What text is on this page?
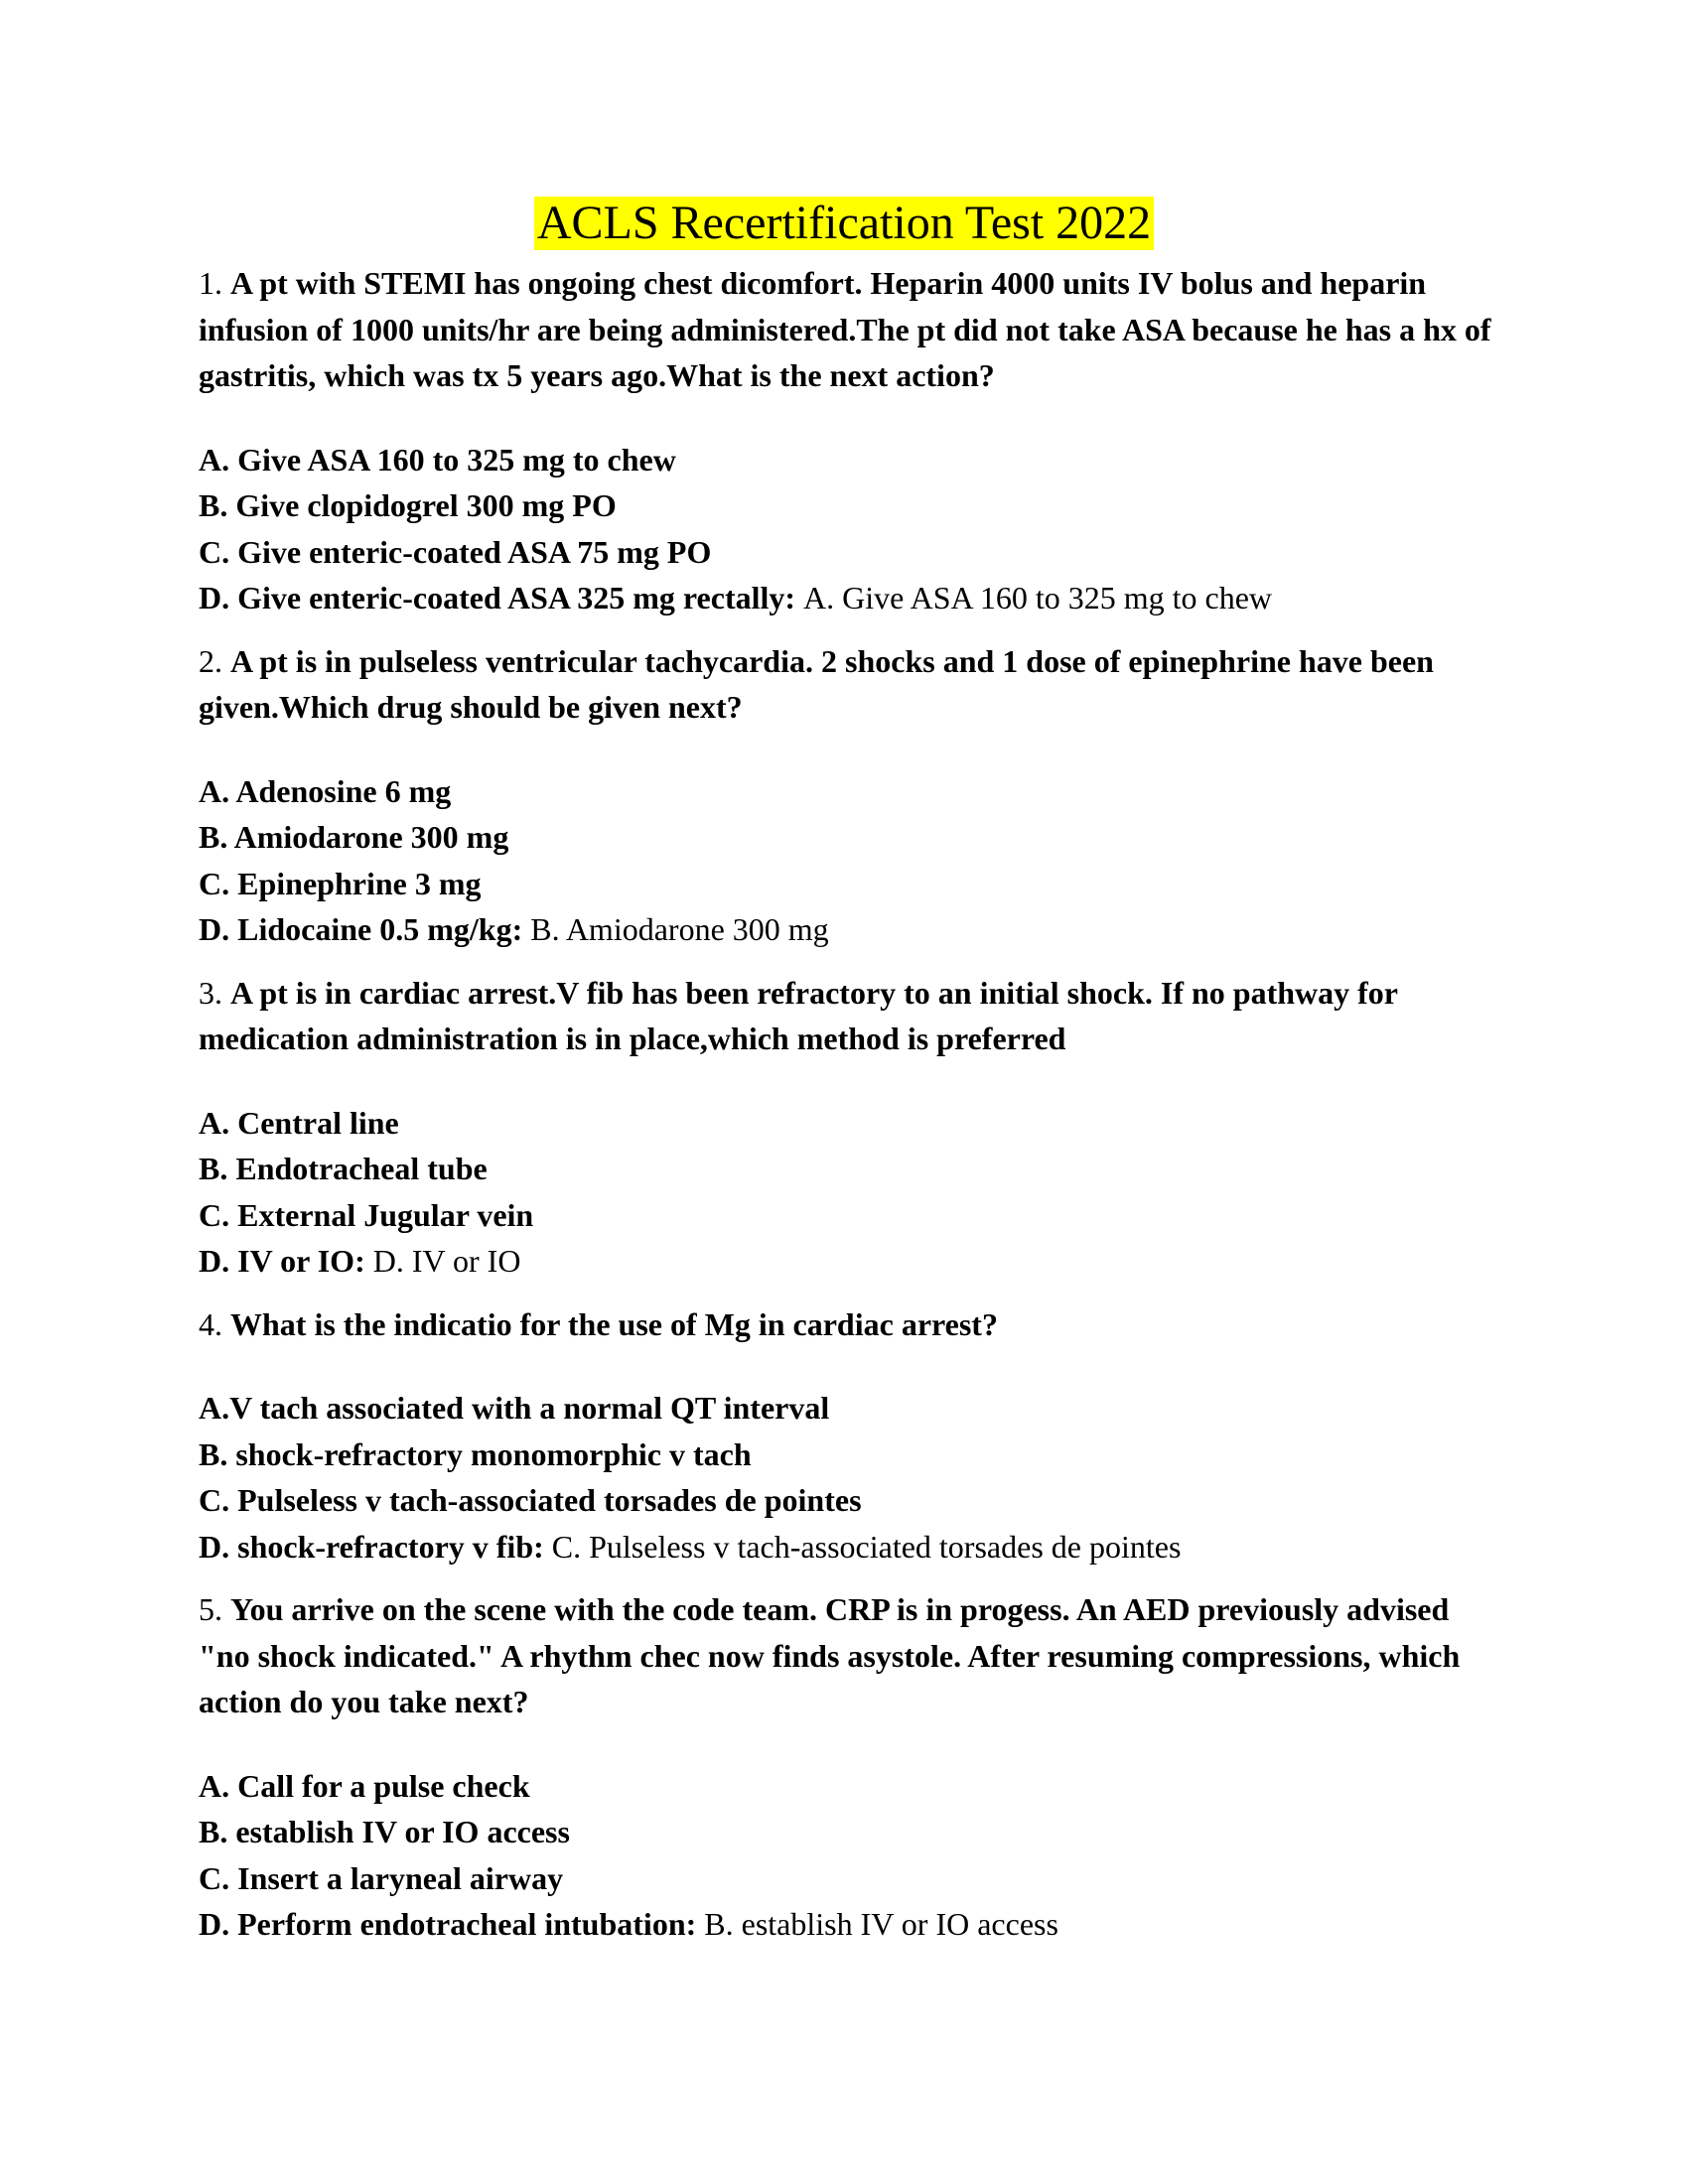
ACLS Recertification Test 2022

1. A pt with STEMI has ongoing chest dicomfort. Heparin 4000 units IV bolus and heparin infusion of 1000 units/hr are being administered.The pt did not take ASA because he has a hx of gastritis, which was tx 5 years ago.What is the next action?

A. Give ASA 160 to 325 mg to chew
B. Give clopidogrel 300 mg PO
C. Give enteric-coated ASA 75 mg PO
D. Give enteric-coated ASA 325 mg rectally: A. Give ASA 160 to 325 mg to chew

2. A pt is in pulseless ventricular tachycardia. 2 shocks and 1 dose of epinephrine have been given.Which drug should be given next?

A. Adenosine 6 mg
B. Amiodarone 300 mg
C. Epinephrine 3 mg
D. Lidocaine 0.5 mg/kg: B. Amiodarone 300 mg

3. A pt is in cardiac arrest.V fib has been refractory to an initial shock. If no pathway for medication administration is in place,which method is preferred

A. Central line
B. Endotracheal tube
C. External Jugular vein
D. IV or IO: D. IV or IO

4. What is the indicatio for the use of Mg in cardiac arrest?

A.V tach associated with a normal QT interval
B. shock-refractory monomorphic v tach
C. Pulseless v tach-associated torsades de pointes
D. shock-refractory v fib: C. Pulseless v tach-associated torsades de pointes

5. You arrive on the scene with the code team. CRP is in progess. An AED previously advised "no shock indicated." A rhythm chec now finds asystole. After resuming compressions, which action do you take next?

A. Call for a pulse check
B. establish IV or IO access
C. Insert a laryneal airway
D. Perform endotracheal intubation: B. establish IV or IO access
